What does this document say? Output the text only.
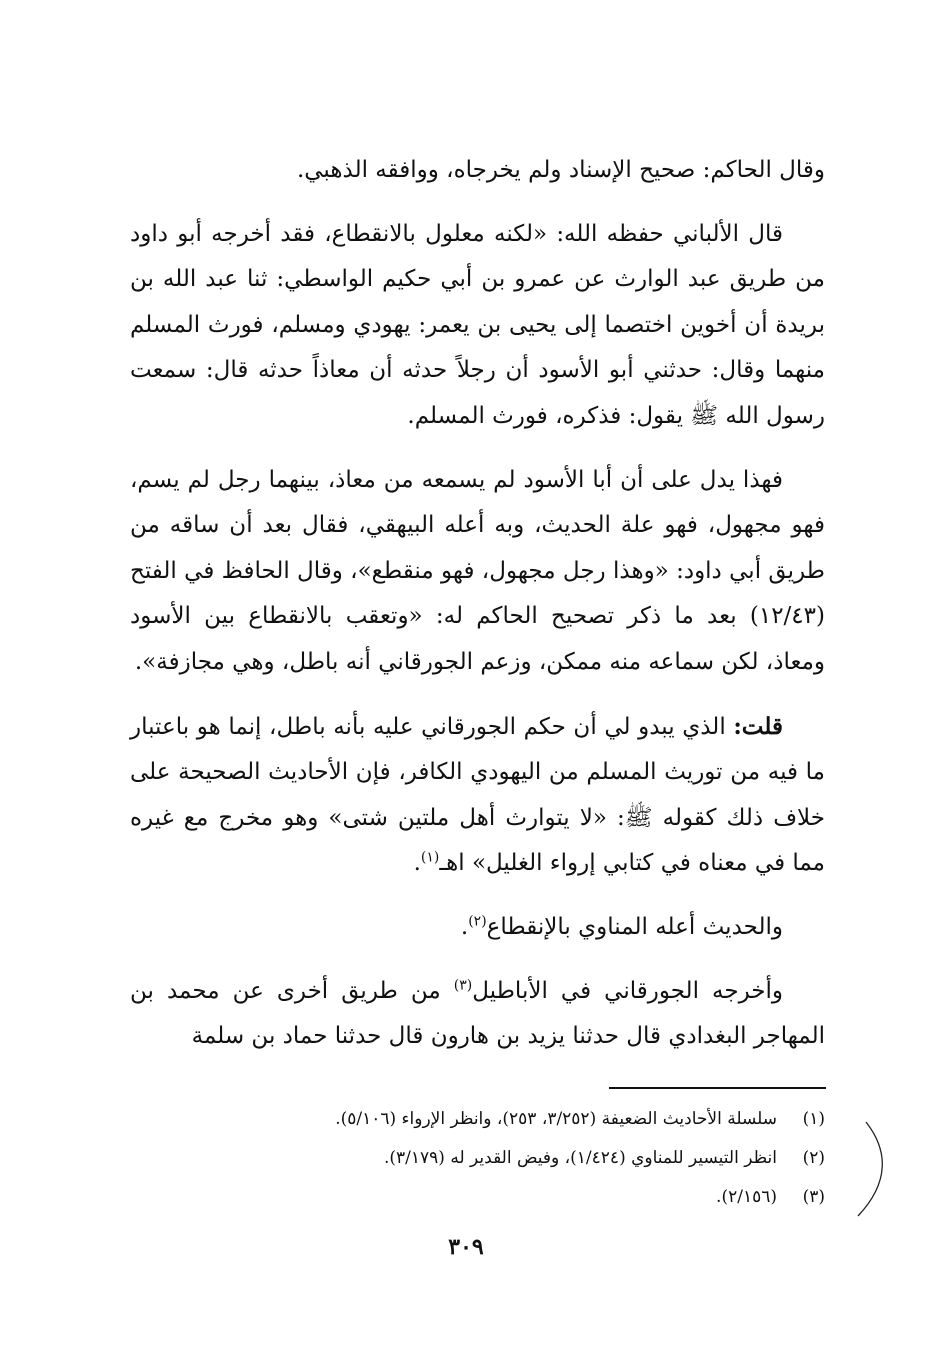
وقال الحاكم: صحيح الإسناد ولم يخرجاه، ووافقه الذهبي.

قال الألباني حفظه الله: «لكنه معلول بالانقطاع، فقد أخرجه أبو داود من طريق عبد الوارث عن عمرو بن أبي حكيم الواسطي: ثنا عبد الله بن بريدة أن أخوين اختصما إلى يحيى بن يعمر: يهودي ومسلم، فورث المسلم منهما وقال: حدثني أبو الأسود أن رجلاً حدثه أن معاذاً حدثه قال: سمعت رسول الله ﷺ يقول: فذكره، فورث المسلم.

فهذا يدل على أن أبا الأسود لم يسمعه من معاذ، بينهما رجل لم يسم، فهو مجهول، فهو علة الحديث، وبه أعله البيهقي، فقال بعد أن ساقه من طريق أبي داود: «وهذا رجل مجهول، فهو منقطع»، وقال الحافظ في الفتح (١٢/٤٣) بعد ما ذكر تصحيح الحاكم له: «وتعقب بالانقطاع بين الأسود ومعاذ، لكن سماعه منه ممكن، وزعم الجورقاني أنه باطل، وهي مجازفة».

قلت: الذي يبدو لي أن حكم الجورقاني عليه بأنه باطل، إنما هو باعتبار ما فيه من توريث المسلم من اليهودي الكافر، فإن الأحاديث الصحيحة على خلاف ذلك كقوله ﷺ: «لا يتوارث أهل ملتين شتى» وهو مخرج مع غيره مما في معناه في كتابي إرواء الغليل» اهـ$^{(١)}$.

والحديث أعله المناوي بالإنقطاع$^{(٢)}$.

وأخرجه الجورقاني في الأباطيل$^{(٣)}$ من طريق أخرى عن محمد بن المهاجر البغدادي قال حدثنا يزيد بن هارون قال حدثنا حماد بن سلمة

(١)سلسلة الأحاديث الضعيفة (٣/٢٥٢، ٢٥٣)، وانظر الإرواء (٥/١٠٦).

(٢)انظر التيسير للمناوي (١/٤٢٤)، وفيض القدير له (٣/١٧٩).

(٣)(٢/١٥٦).

٣٠٩
